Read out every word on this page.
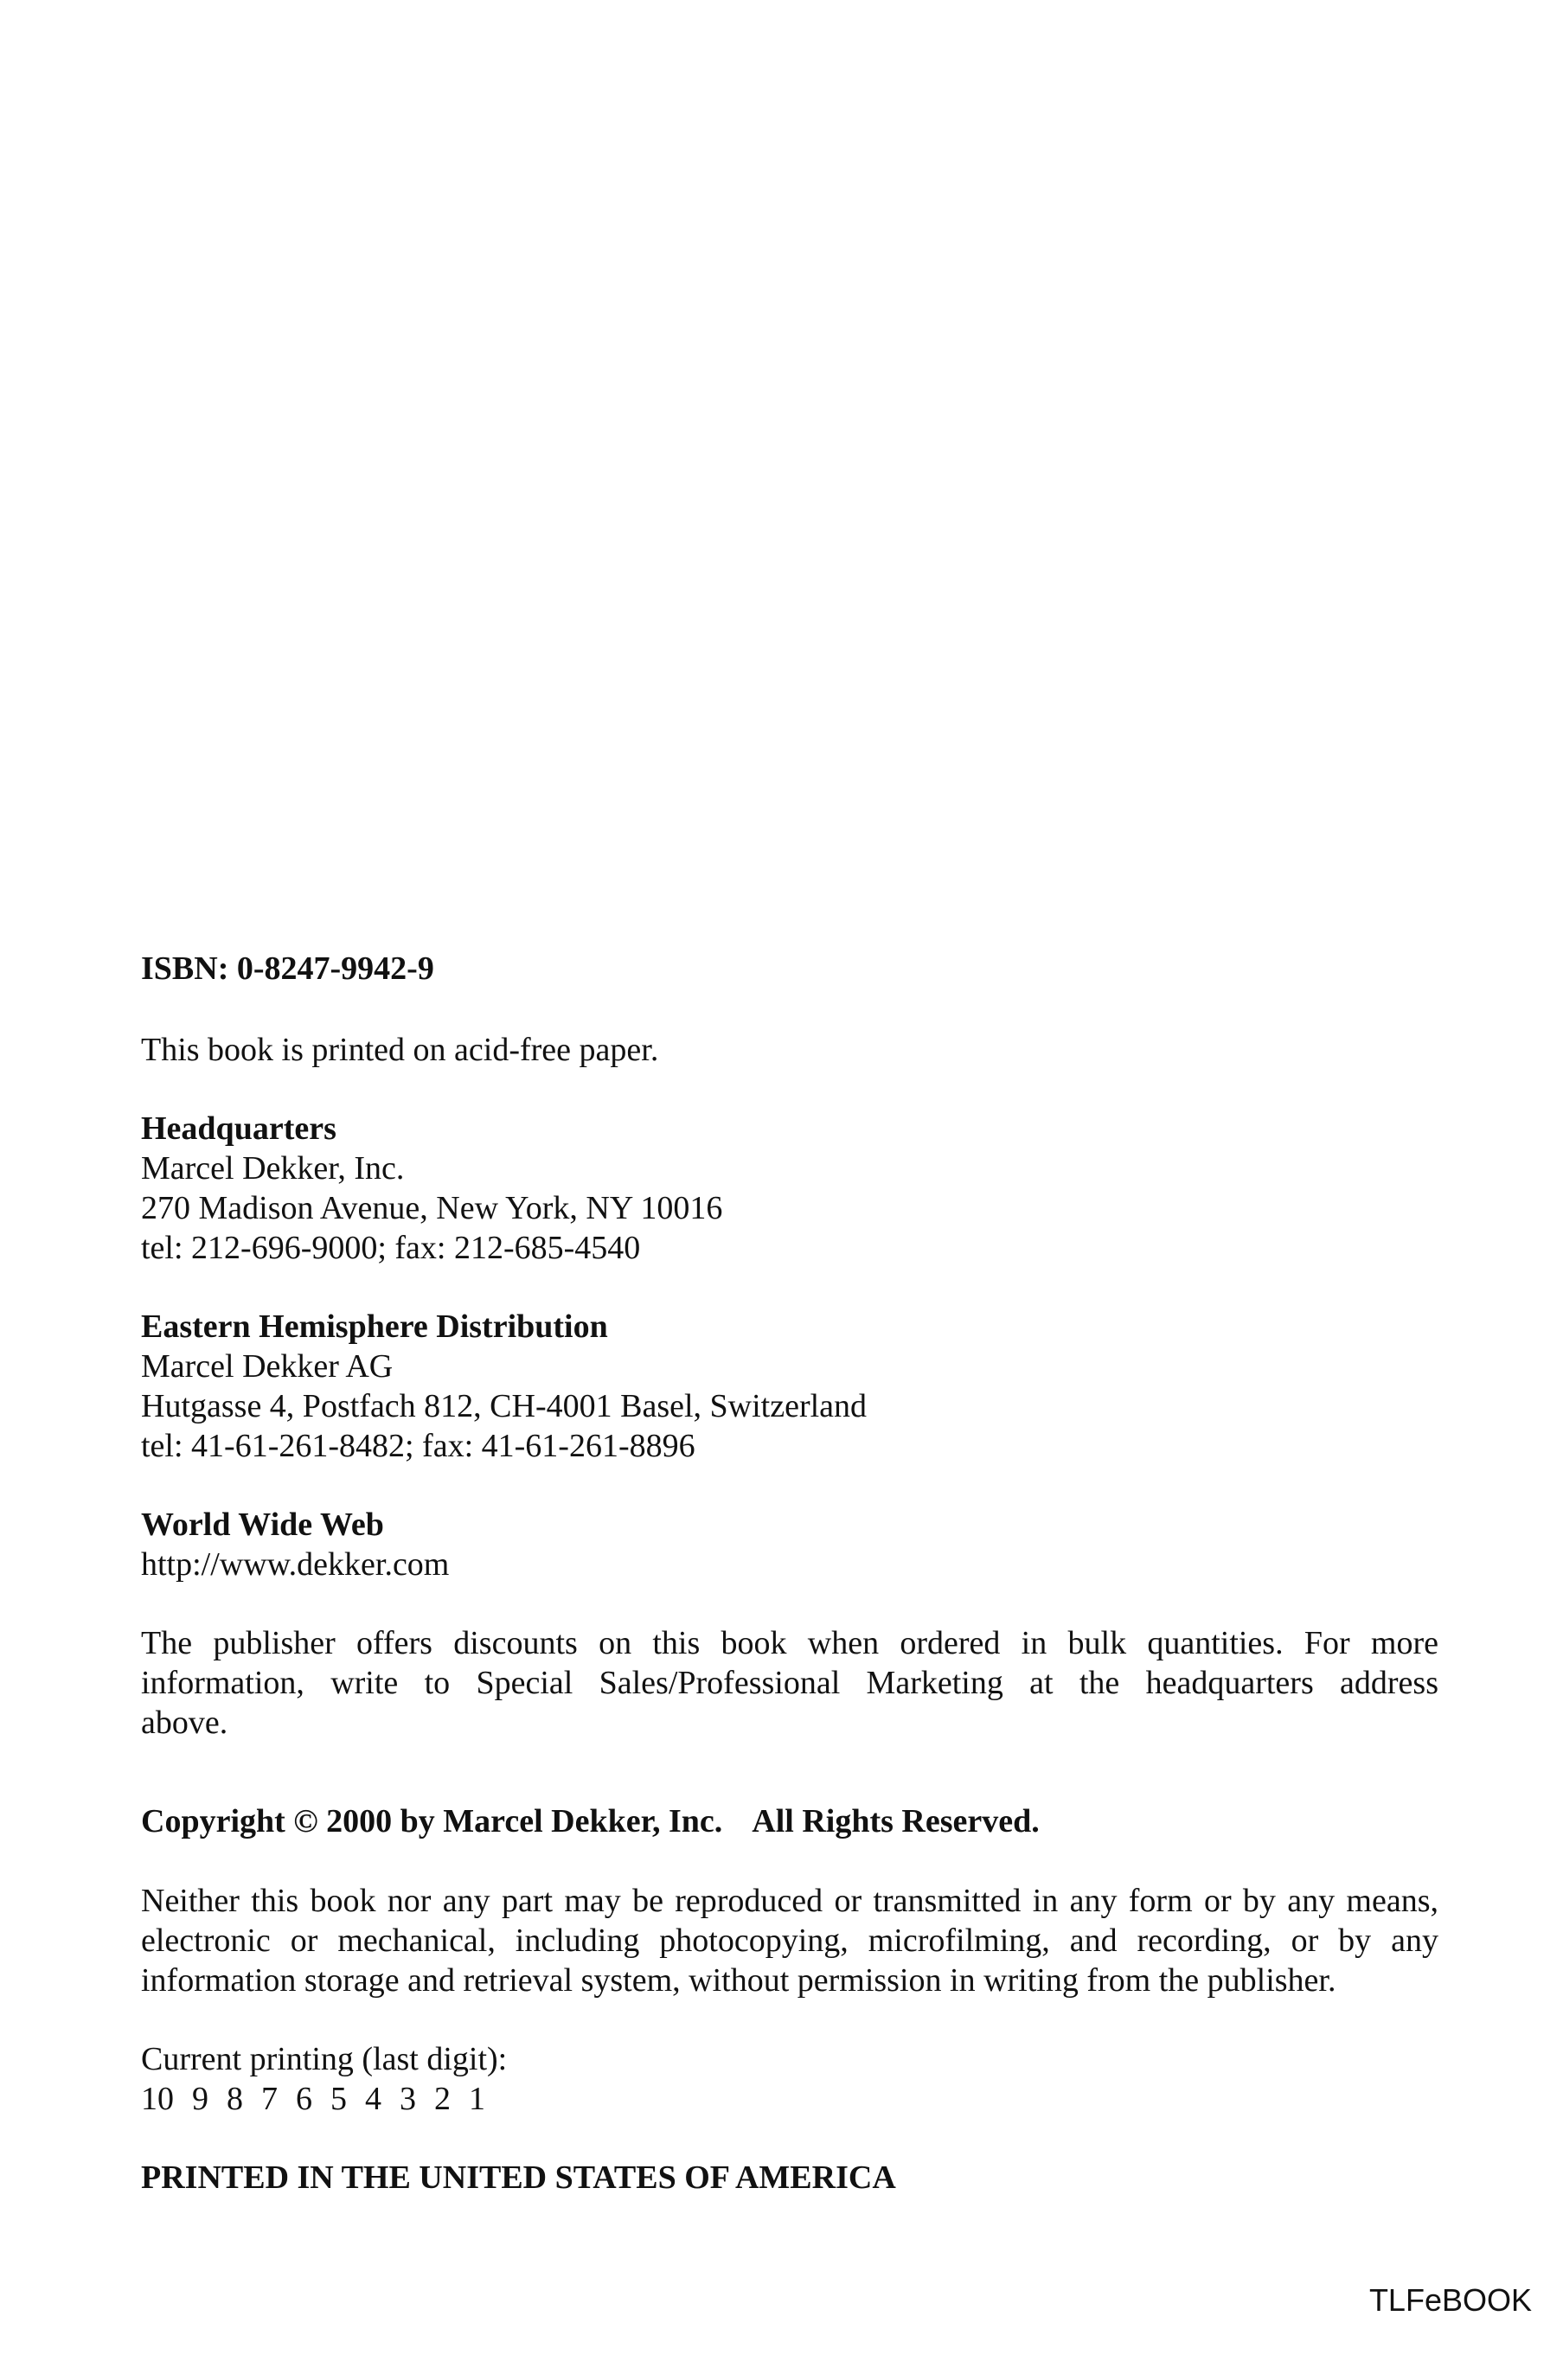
ISBN: 0-8247-9942-9
This book is printed on acid-free paper.
Headquarters
Marcel Dekker, Inc.
270 Madison Avenue, New York, NY 10016
tel: 212-696-9000; fax: 212-685-4540
Eastern Hemisphere Distribution
Marcel Dekker AG
Hutgasse 4, Postfach 812, CH-4001 Basel, Switzerland
tel: 41-61-261-8482; fax: 41-61-261-8896
World Wide Web
http://www.dekker.com
The publisher offers discounts on this book when ordered in bulk quantities. For more
information, write to Special Sales/Professional Marketing at the headquarters address
above.
Copyright © 2000 by Marcel Dekker, Inc. All Rights Reserved.
Neither this book nor any part may be reproduced or transmitted in any form or by any means,
electronic or mechanical, including photocopying, microfilming, and recording, or by any
information storage and retrieval system, without permission in writing from the publisher.
Current printing (last digit):
10 9 8 7 6 5 4 3 2 1
PRINTED IN THE UNITED STATES OF AMERICA
TLFeBOOK
